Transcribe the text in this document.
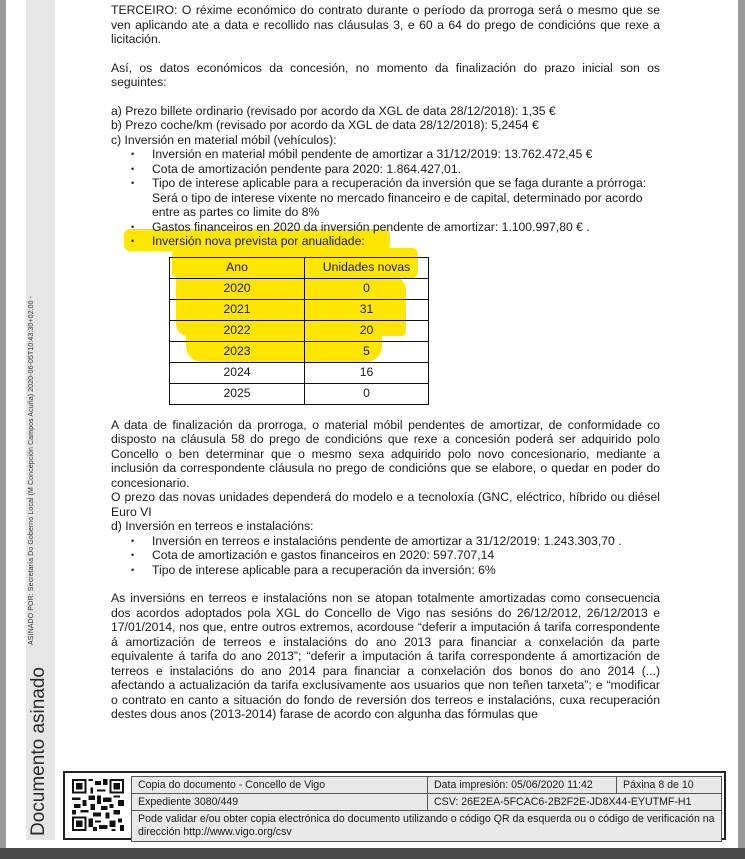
ASINADO POR: Secretaría Do Goberno Local (M Concepción Campos Acuña) 2020-06-05T10:43:30+02:00 -
Documento asinado

TERCEIRO: O réxime económico do contrato durante o período da prorroga será o mesmo que se ven aplicando ate a data e recollido nas cláusulas 3, e 60 a 64 do prego de condicións que rexe a licitación.

Así, os datos económicos da concesión, no momento da finalización do prazo inicial son os seguintes:

a) Prezo billete ordinario (revisado por acordo da XGL de data 28/12/2018): 1,35 €

b) Prezo coche/km (revisado por acordo da XGL de data 28/12/2018): 5,2454 €

c) Inversión en material móbil (vehículos):

• Inversión en material móbil pendente de amortizar a 31/12/2019: 13.762.472,45 €
• Cota de amortización pendente para 2020: 1.864.427,01.
• Tipo de interese aplicable para a recuperación da inversión que se faga durante a prórroga: Será o tipo de interese vixente no mercado financeiro e de capital, determinado por acordo entre as partes co limite do 8%
• Gastos financeiros en 2020 da inversión pendente de amortizar: 1.100.997,80 € .
• Inversión nova prevista por anualidade:
Ano	Unidades novas
2020	0
2021	31
2022	20
2023	5
2024	16
2025	0

A data de finalización da prorroga, o material móbil pendentes de amortizar, de conformidade co disposto na cláusula 58 do prego de condicións que rexe a concesión poderá ser adquirido polo Concello o ben determinar que o mesmo sexa adquirido polo novo concesionario, mediante a inclusión da correspondente cláusula no prego de condicións que se elabore, o quedar en poder do concesionario.

O prezo das novas unidades dependerá do modelo e a tecnoloxía (GNC, eléctrico, híbrido ou diésel Euro VI

d) Inversión en terreos e instalacións:

• Inversión en terreos e instalacións pendente de amortizar a 31/12/2019: 1.243.303,70 .
• Cota de amortización e gastos financeiros en 2020: 597.707,14
• Tipo de interese aplicable para a recuperación da inversión: 6%

As inversións en terreos e instalacións non se atopan totalmente amortizadas como consecuencia dos acordos adoptados pola XGL do Concello de Vigo nas sesións do 26/12/2012, 26/12/2013 e 17/01/2014, nos que, entre outros extremos, acordouse “deferir a imputación á tarifa correspondente á amortización de terreos e instalacións do ano 2013 para financiar a conxelación da parte equivalente á tarifa do ano 2013”; “deferir a imputación á tarifa correspondente á amortización de terreos e instalacións do ano 2014 para financiar a conxelación dos bonos do ano 2014 (...) afectando a actualización da tarifa exclusivamente aos usuarios que non teñen tarxeta”; e “modificar o contrato en canto a situación do fondo de reversión dos terreos e instalacións, cuxa recuperación destes dous anos (2013-2014) farase de acordo con algunha das fórmulas que

Copia do documento - Concello de Vigo	Data impresión: 05/06/2020 11:42	Páxina 8 de 10
Expediente 3080/449	CSV: 26E2EA-5FCAC6-2B2F2E-JD8X44-EYUTMF-H1
Pode validar e/ou obter copia electrónica do documento utilizando o código QR da esquerda ou o código de verificación na dirección http://www.vigo.org/csv
